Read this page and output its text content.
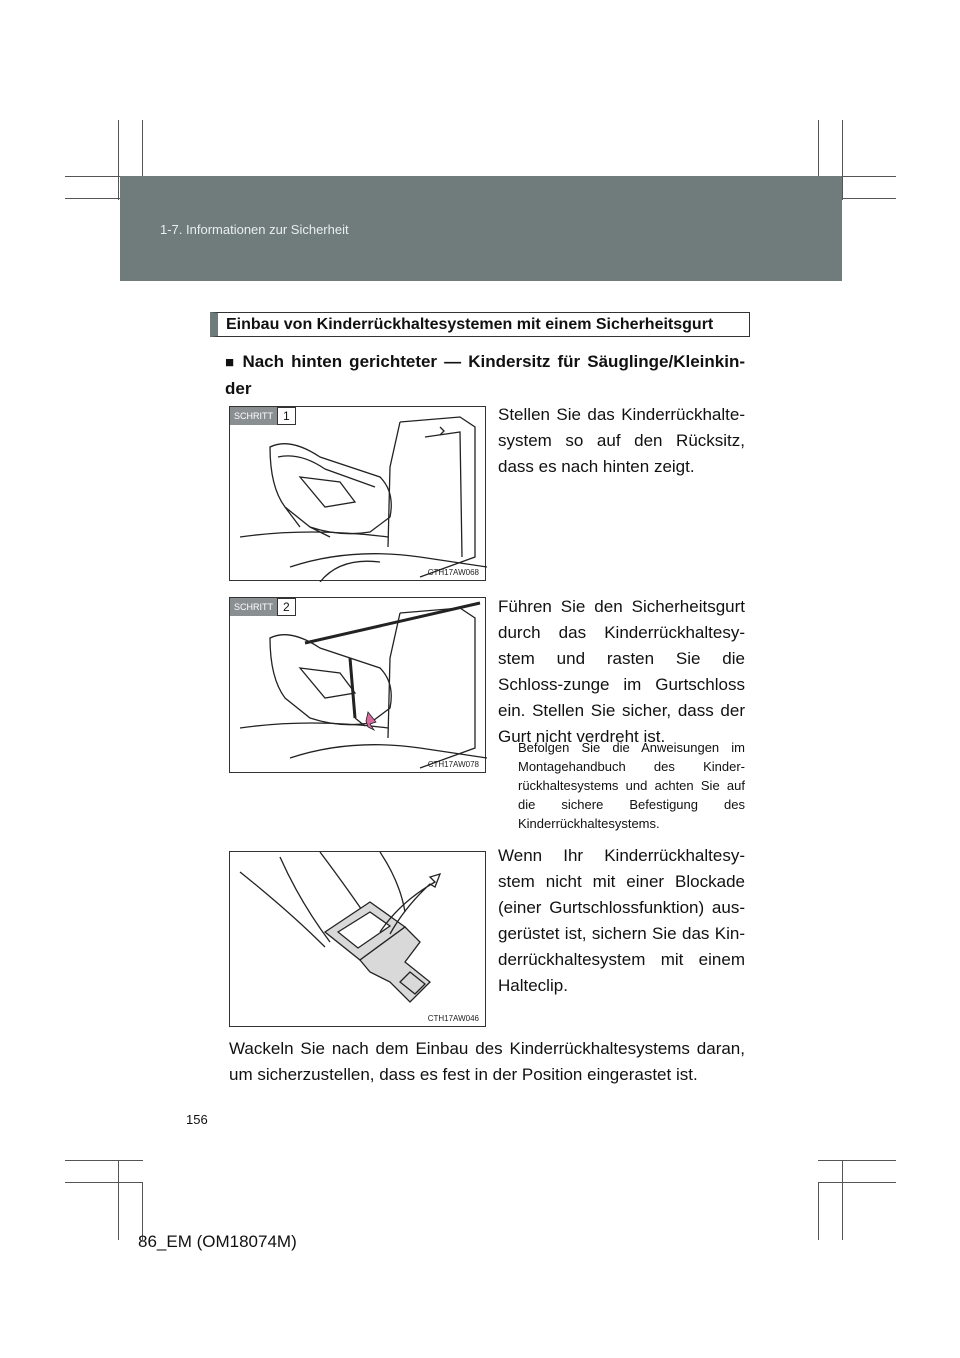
1-7. Informationen zur Sicherheit
Einbau von Kinderrückhaltesystemen mit einem Sicherheitsgurt
■ Nach hinten gerichteter — Kindersitz für Säuglinge/Kleinkin-der
SCHRITT 1
CTH17AW068
Stellen Sie das Kinderrückhalte-system so auf den Rücksitz, dass es nach hinten zeigt.
SCHRITT 2
CTH17AW078
Führen Sie den Sicherheitsgurt durch das Kinderrückhaltesy-stem und rasten Sie die Schloss-zunge im Gurtschloss ein. Stellen Sie sicher, dass der Gurt nicht verdreht ist.
Befolgen Sie die Anweisungen im Montagehandbuch des Kinder-rückhaltesystems und achten Sie auf die sichere Befestigung des Kinderrückhaltesystems.
CTH17AW046
Wenn Ihr Kinderrückhaltesy-stem nicht mit einer Blockade (einer Gurtschlossfunktion) aus-gerüstet ist, sichern Sie das Kin-derrückhaltesystem mit einem Halteclip.
Wackeln Sie nach dem Einbau des Kinderrückhaltesystems daran, um sicherzustellen, dass es fest in der Position eingerastet ist.
156
86_EM (OM18074M)
